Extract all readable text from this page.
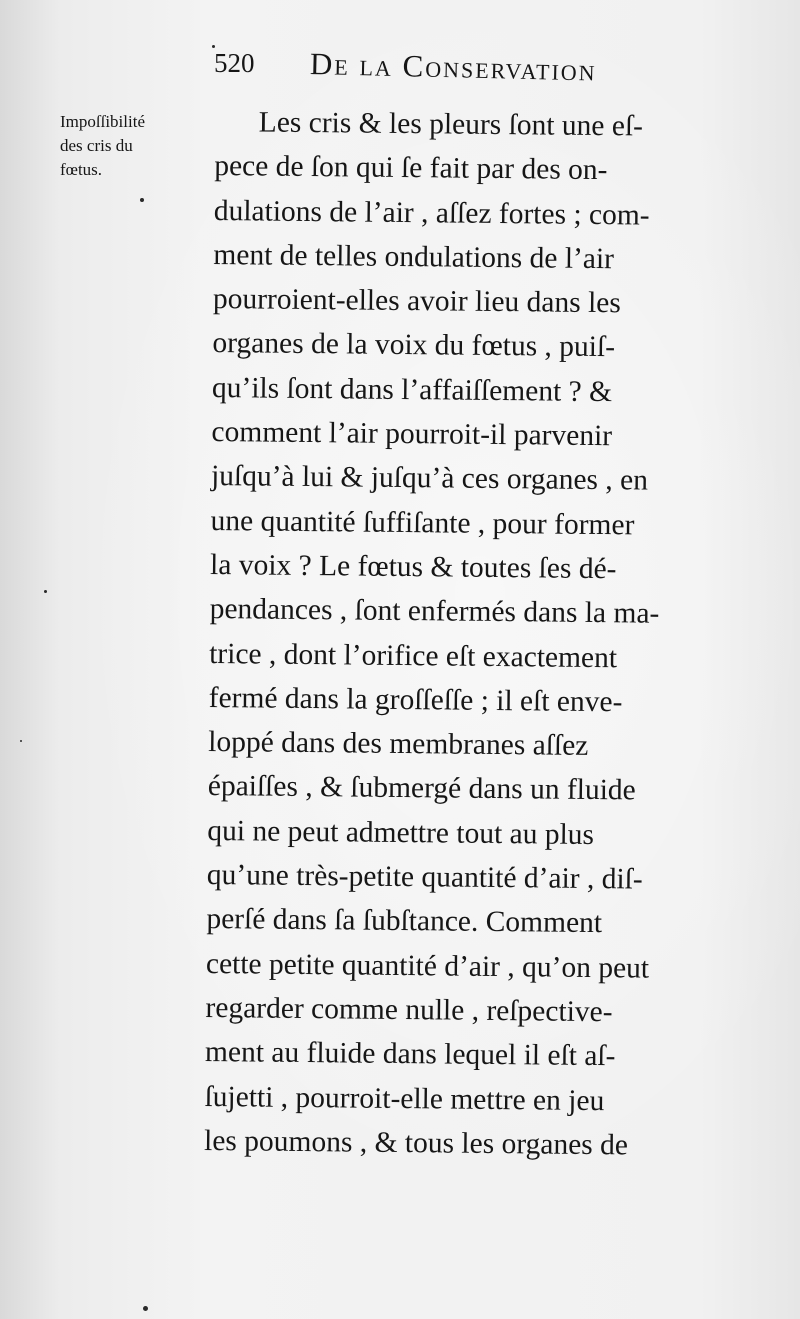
520 De la Conservation
Impoſſibilité
des cris du
fœtus.
Les cris & les pleurs ſont une eſ-
pece de ſon qui ſe fait par des on-
dulations de l’air , aſſez fortes ; com-
ment de telles ondulations de l’air
pourroient-elles avoir lieu dans les
organes de la voix du fœtus , puiſ-
qu’ils ſont dans l’affaiſſement ? &
comment l’air pourroit-il parvenir
juſqu’à lui & juſqu’à ces organes , en
une quantité ſuffiſante , pour former
la voix ? Le fœtus & toutes ſes dé-
pendances , ſont enfermés dans la ma-
trice , dont l’orifice eſt exactement
fermé dans la groſſeſſe ; il eſt enve-
loppé dans des membranes aſſez
épaiſſes , & ſubmergé dans un fluide
qui ne peut admettre tout au plus
qu’une très-petite quantité d’air , diſ-
perſé dans ſa ſubſtance. Comment
cette petite quantité d’air , qu’on peut
regarder comme nulle , reſpective-
ment au fluide dans lequel il eſt aſ-
ſujetti , pourroit-elle mettre en jeu
les poumons , & tous les organes de
